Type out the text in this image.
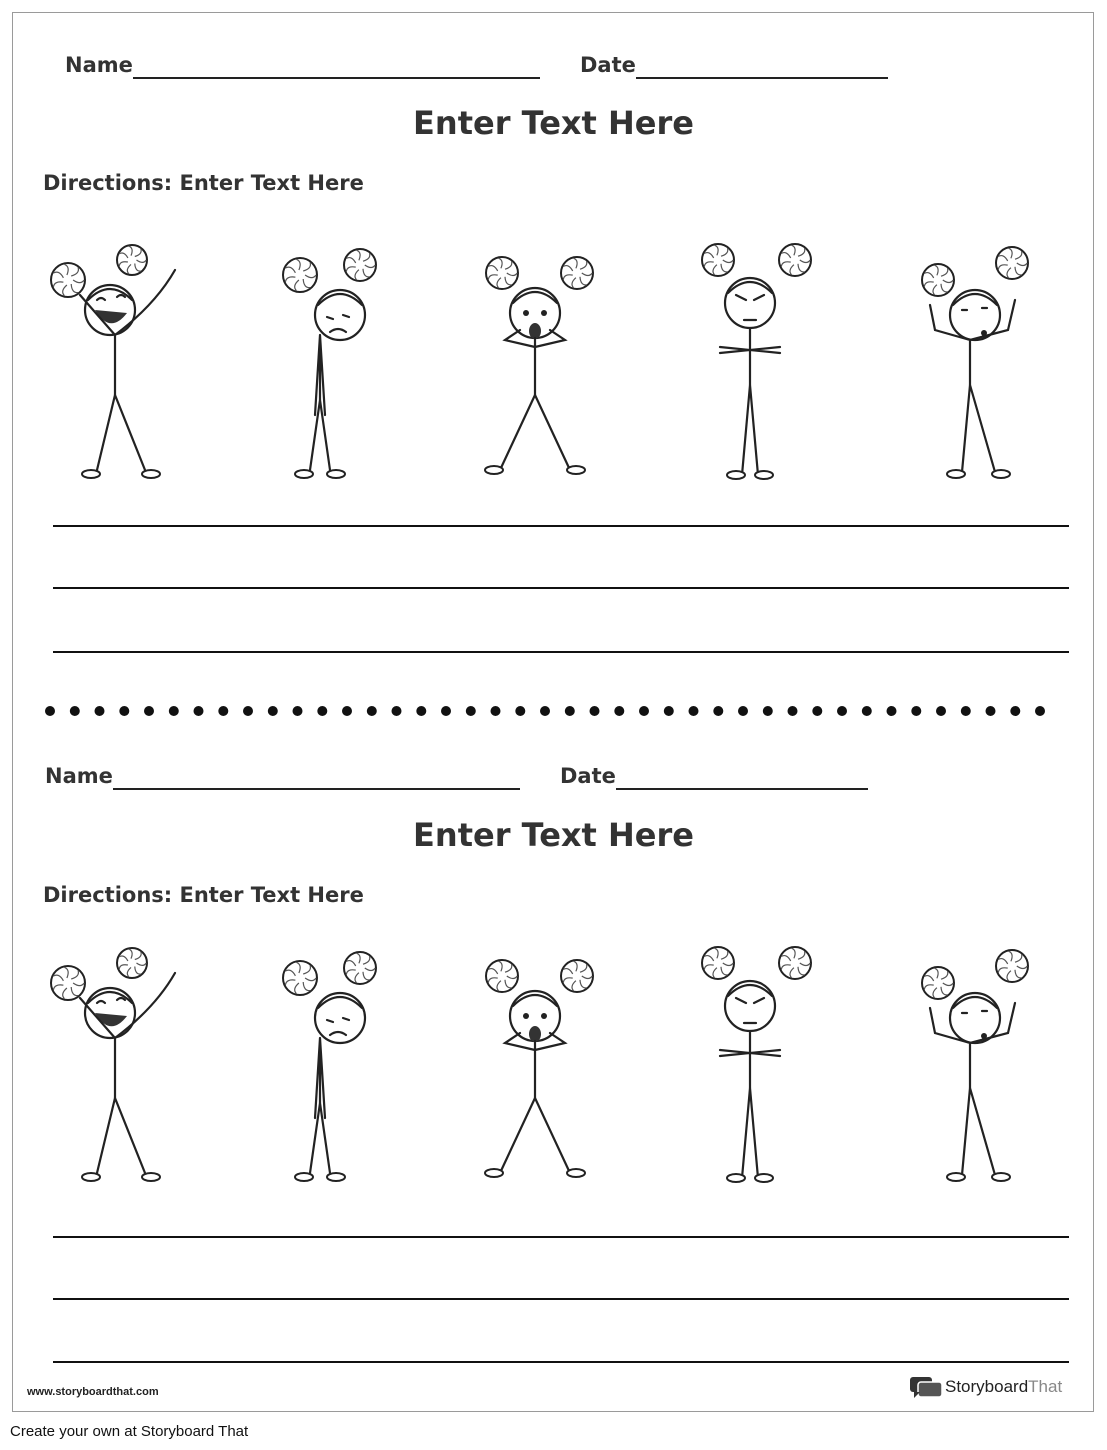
Name	Date
Enter Text Here
Directions: Enter Text Here
Name	Date
Enter Text Here
Directions: Enter Text Here
www.storyboardthat.com	StoryboardThat
Create your own at Storyboard That
